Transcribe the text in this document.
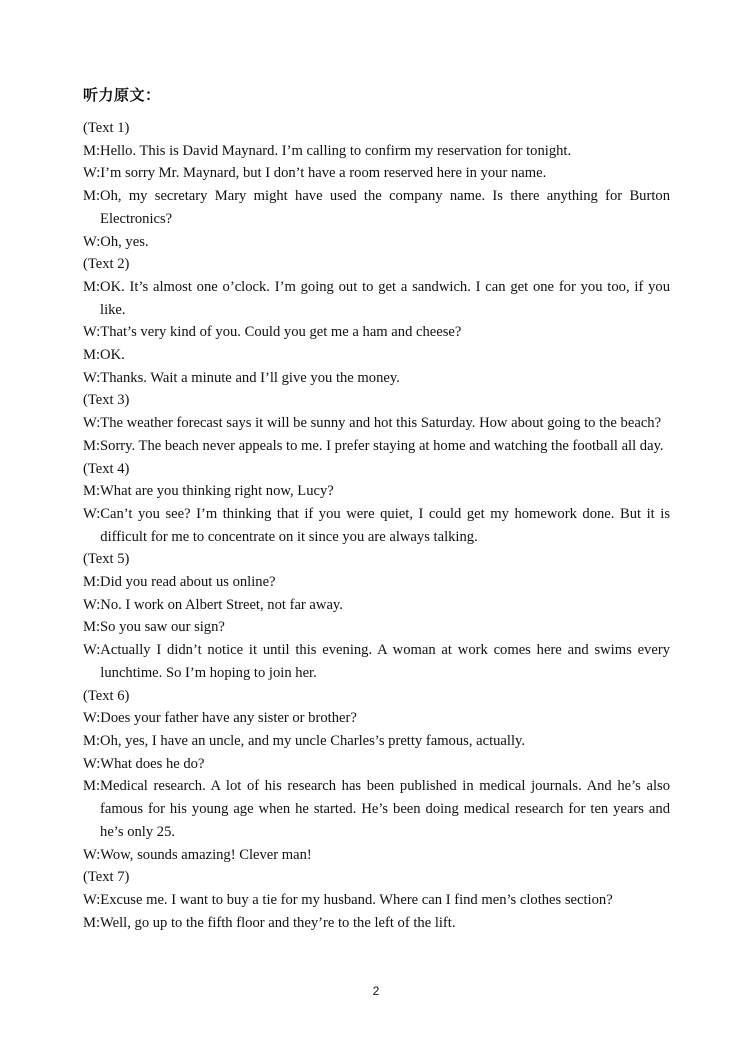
听力原文：
(Text 1)
M: Hello. This is David Maynard. I’m calling to confirm my reservation for tonight.
W: I’m sorry Mr. Maynard, but I don’t have a room reserved here in your name.
M: Oh, my secretary Mary might have used the company name. Is there anything for Burton Electronics?
W: Oh, yes.
(Text 2)
M: OK. It’s almost one o’clock. I’m going out to get a sandwich. I can get one for you too, if you like.
W: That’s very kind of you. Could you get me a ham and cheese?
M: OK.
W: Thanks. Wait a minute and I’ll give you the money.
(Text 3)
W: The weather forecast says it will be sunny and hot this Saturday. How about going to the beach?
M: Sorry. The beach never appeals to me. I prefer staying at home and watching the football all day.
(Text 4)
M: What are you thinking right now, Lucy?
W: Can’t you see? I’m thinking that if you were quiet, I could get my homework done. But it is difficult for me to concentrate on it since you are always talking.
(Text 5)
M: Did you read about us online?
W: No. I work on Albert Street, not far away.
M: So you saw our sign?
W: Actually I didn’t notice it until this evening. A woman at work comes here and swims every lunchtime. So I’m hoping to join her.
(Text 6)
W: Does your father have any sister or brother?
M: Oh, yes, I have an uncle, and my uncle Charles’s pretty famous, actually.
W: What does he do?
M: Medical research. A lot of his research has been published in medical journals. And he’s also famous for his young age when he started. He’s been doing medical research for ten years and he’s only 25.
W: Wow, sounds amazing! Clever man!
(Text 7)
W: Excuse me. I want to buy a tie for my husband. Where can I find men’s clothes section?
M: Well, go up to the fifth floor and they’re to the left of the lift.
2
